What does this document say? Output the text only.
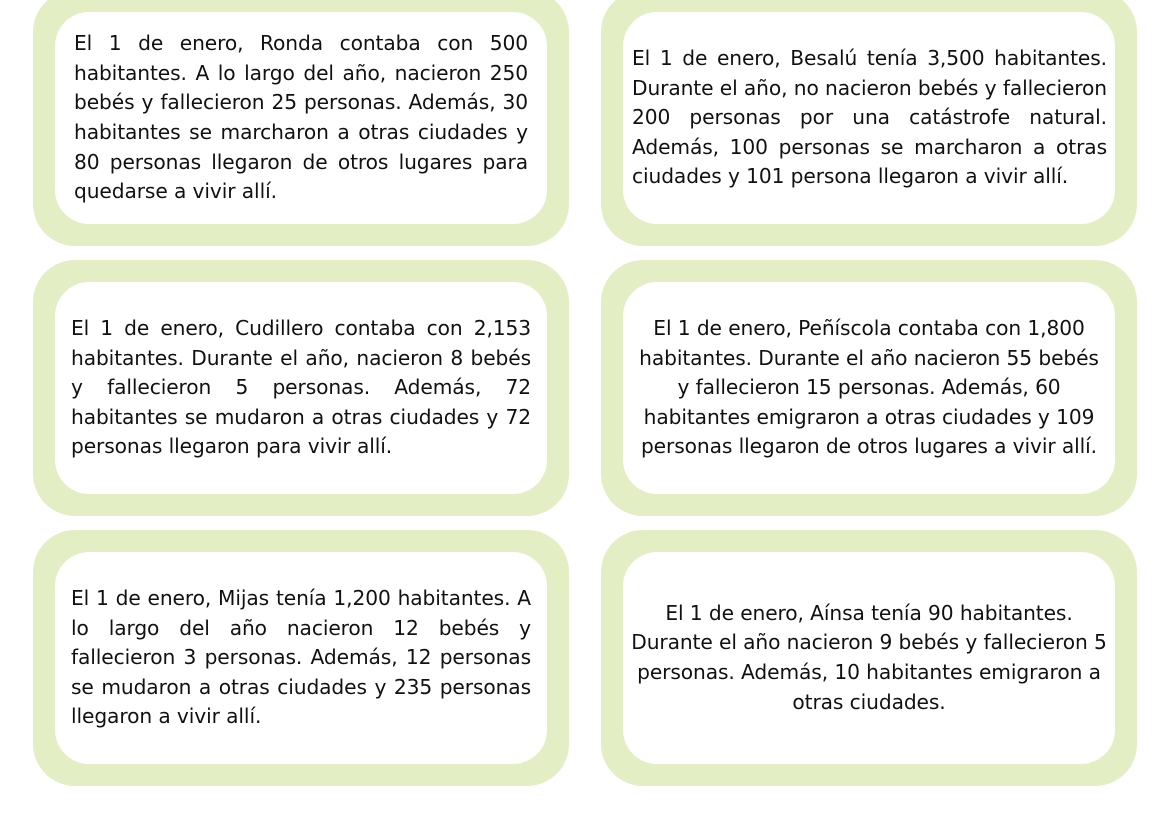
El 1 de enero, Ronda contaba con 500 habitantes. A lo largo del año, nacieron 250 bebés y fallecieron 25 personas. Además, 30 habitantes se marcharon a otras ciudades y 80 personas llegaron de otros lugares para quedarse a vivir allí.
El 1 de enero, Besalú tenía 3,500 habitantes. Durante el año, no nacieron bebés y fallecieron 200 personas por una catástrofe natural. Además, 100 personas se marcharon a otras ciudades y 101 persona llegaron a vivir allí.
El 1 de enero, Cudillero contaba con 2,153 habitantes. Durante el año, nacieron 8 bebés y fallecieron 5 personas. Además, 72 habitantes se mudaron a otras ciudades y 72 personas llegaron para vivir allí.
El 1 de enero, Peñíscola contaba con 1,800 habitantes. Durante el año nacieron 55 bebés y fallecieron 15 personas. Además, 60 habitantes emigraron a otras ciudades y 109 personas llegaron de otros lugares a vivir allí.
El 1 de enero, Mijas tenía 1,200 habitantes. A lo largo del año nacieron 12 bebés y fallecieron 3 personas. Además, 12 personas se mudaron a otras ciudades y 235 personas llegaron a vivir allí.
El 1 de enero, Aínsa tenía 90 habitantes. Durante el año nacieron 9 bebés y fallecieron 5 personas. Además, 10 habitantes emigraron a otras ciudades.
